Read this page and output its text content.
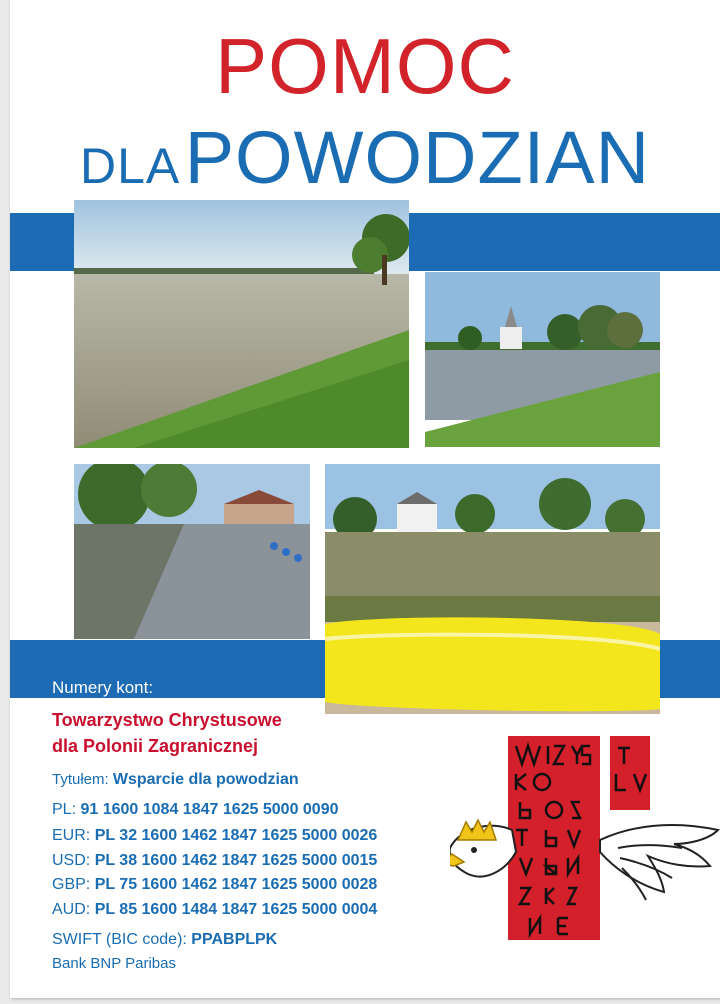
POMOC
DLA POWODZIAN
Numery kont:
Towarzystwo Chrystusowe
dla Polonii Zagranicznej
Tytułem: Wsparcie dla powodzian
PL: 91 1600 1084 1847 1625 5000 0090
EUR: PL 32 1600 1462 1847 1625 5000 0026
USD: PL 38 1600 1462 1847 1625 5000 0015
GBP: PL 75 1600 1462 1847 1625 5000 0028
AUD: PL 85 1600 1484 1847 1625 5000 0004
SWIFT (BIC code): PPABPLPK
Bank BNP Paribas
